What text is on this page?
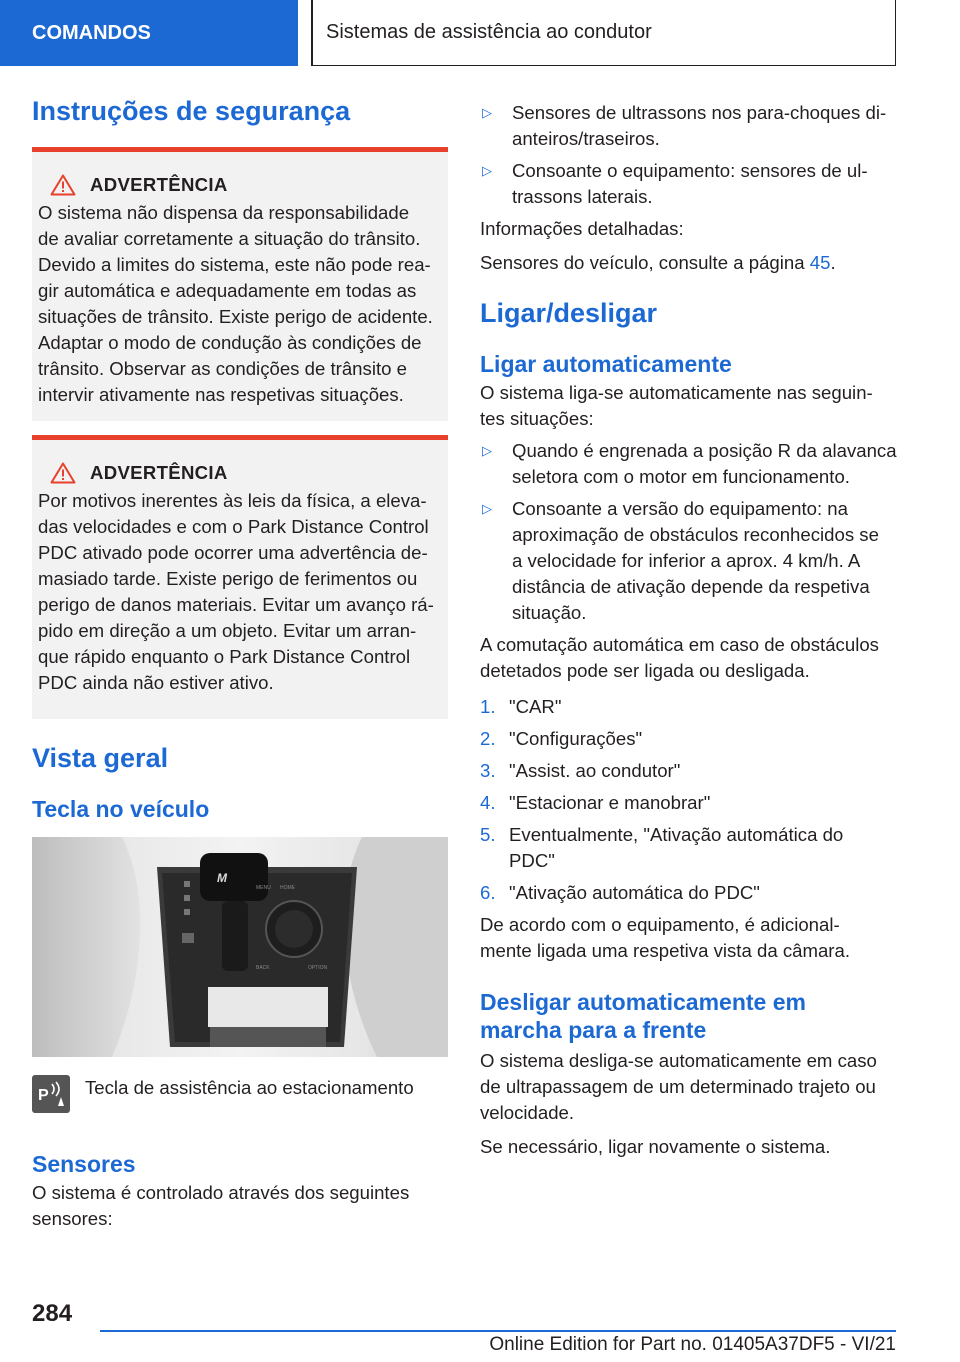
COMANDOS	Sistemas de assistência ao condutor
Instruções de segurança
ADVERTÊNCIA
O sistema não dispensa da responsabilidade
de avaliar corretamente a situação do trânsito.
Devido a limites do sistema, este não pode rea-
gir automática e adequadamente em todas as
situações de trânsito. Existe perigo de acidente.
Adaptar o modo de condução às condições de
trânsito. Observar as condições de trânsito e
intervir ativamente nas respetivas situações.
ADVERTÊNCIA
Por motivos inerentes às leis da física, a eleva-
das velocidades e com o Park Distance Control
PDC ativado pode ocorrer uma advertência de-
masiado tarde. Existe perigo de ferimentos ou
perigo de danos materiais. Evitar um avanço rá-
pido em direção a um objeto. Evitar um arran-
que rápido enquanto o Park Distance Control
PDC ainda não estiver ativo.
Vista geral
Tecla no veículo
M
MENU HOME
BACK	OPTION
P Tecla de assistência ao estacionamento
Sensores
O sistema é controlado através dos seguintes
sensores:
▷	Sensores de ultrassons nos para-choques di-
anteiros/traseiros.
▷	Consoante o equipamento: sensores de ul-
trassons laterais.
Informações detalhadas:
Sensores do veículo, consulte a página 45.
Ligar/desligar
Ligar automaticamente
O sistema liga-se automaticamente nas seguin-
tes situações:
▷	Quando é engrenada a posição R da alavanca
seletora com o motor em funcionamento.
▷	Consoante a versão do equipamento: na
aproximação de obstáculos reconhecidos se
a velocidade for inferior a aprox. 4 km/h. A
distância de ativação depende da respetiva
situação.
A comutação automática em caso de obstáculos
detetados pode ser ligada ou desligada.
1. "CAR"
2. "Configurações"
3. "Assist. ao condutor"
4. "Estacionar e manobrar"
5. Eventualmente, "Ativação automática do
PDC"
6. "Ativação automática do PDC"
De acordo com o equipamento, é adicional-
mente ligada uma respetiva vista da câmara.
Desligar automaticamente em
marcha para a frente
O sistema desliga-se automaticamente em caso
de ultrapassagem de um determinado trajeto ou
velocidade.
Se necessário, ligar novamente o sistema.
284
Online Edition for Part no. 01405A37DF5 - VI/21
